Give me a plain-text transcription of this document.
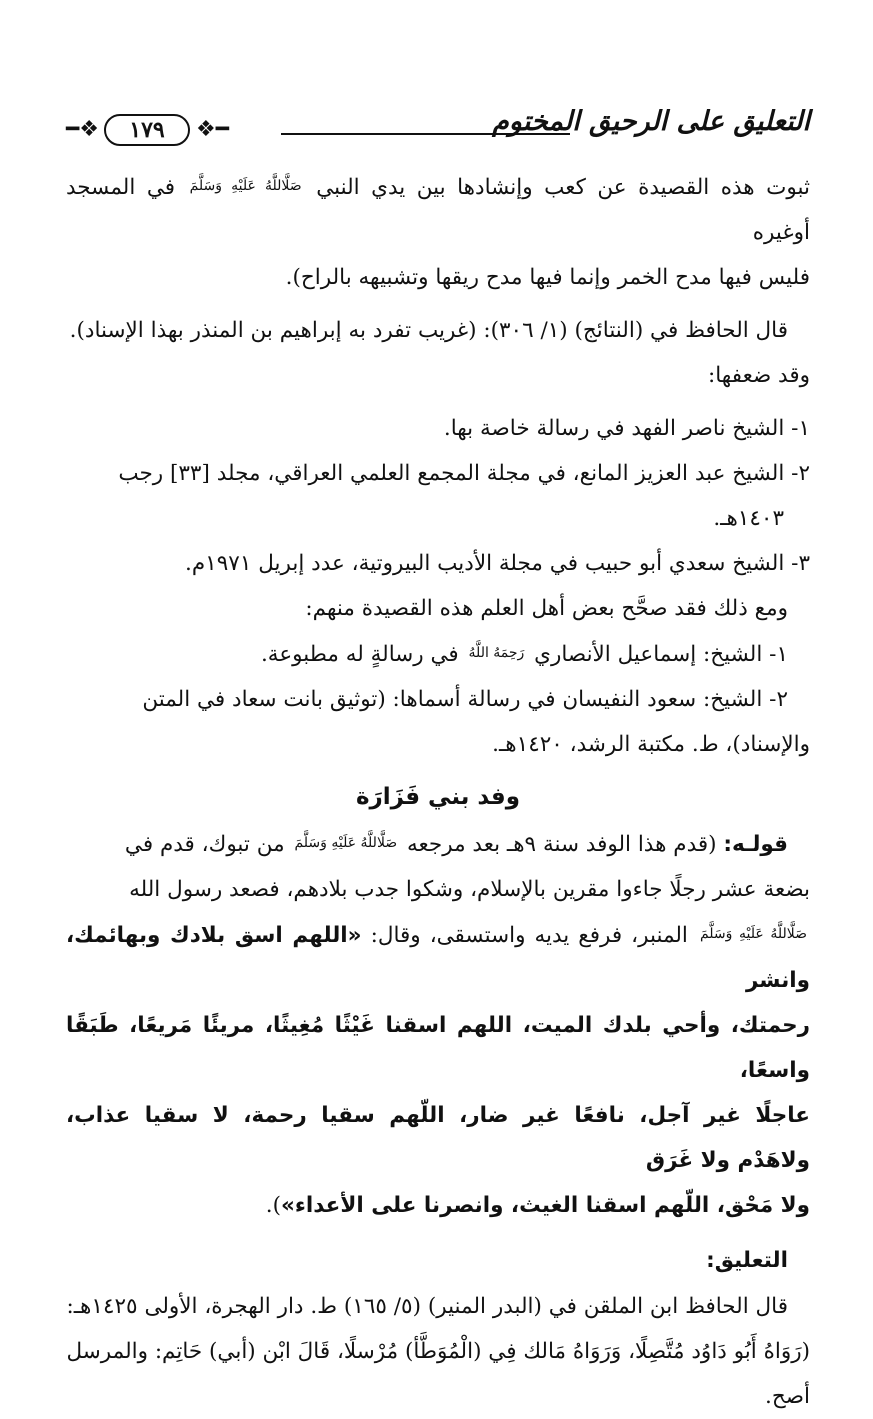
التعليق على الرحيق المختوم
❖━	١٧٩	━❖

ثبوت هذه القصيدة عن كعب وإنشادها بين يدي النبي صَلَّاللَّهُ عَلَيْهِ وَسَلَّمَ في المسجد أوغيره

فليس فيها مدح الخمر وإنما فيها مدح ريقها وتشبيهه بالراح).

قال الحافظ في (النتائج) (١/ ٣٠٦): (غريب تفرد به إبراهيم بن المنذر بهذا الإسناد).

وقد ضعفها:

١- الشيخ ناصر الفهد في رسالة خاصة بها.

٢- الشيخ عبد العزيز المانع، في مجلة المجمع العلمي العراقي، مجلد [٣٣] رجب

١٤٠٣هـ.

٣- الشيخ سعدي أبو حبيب في مجلة الأديب البيروتية، عدد إبريل ١٩٧١م.

ومع ذلك فقد صحَّح بعض أهل العلم هذه القصيدة منهم:

١- الشيخ: إسماعيل الأنصاري رَحِمَهُ اللَّهُ في رسالةٍ له مطبوعة.

٢- الشيخ: سعود النفيسان في رسالة أسماها: (توثيق بانت سعاد في المتن

والإسناد)، ط. مكتبة الرشد، ١٤٢٠هـ.

وفد بني فَزَارَة

قولـه: (قدم هذا الوفد سنة ٩هـ بعد مرجعه صَلَّاللَّهُ عَلَيْهِ وَسَلَّمَ من تبوك، قدم في

بضعة عشر رجلًا جاءوا مقرين بالإسلام، وشكوا جدب بلادهم، فصعد رسول الله

صَلَّاللَّهُ عَلَيْهِ وَسَلَّمَ المنبر، فرفع يديه واستسقى، وقال: «اللهم اسق بلادك وبهائمك، وانشر

رحمتك، وأحي بلدك الميت، اللهم اسقنا غَيْثًا مُغِيثًا، مريئًا مَريعًا، طَبَقًا واسعًا،

عاجلًا غير آجل، نافعًا غير ضار، اللّهم سقيا رحمة، لا سقيا عذاب، ولاهَدْم ولا غَرَق

ولا مَحْق، اللّهم اسقنا الغيث، وانصرنا على الأعداء»).

التعليق:

قال الحافظ ابن الملقن في (البدر المنير) (٥/ ١٦٥) ط. دار الهجرة، الأولى ١٤٢٥هـ:

(رَوَاهُ أَبُو دَاوُد مُتَّصِلًا، وَرَوَاهُ مَالك فِي (الْمُوَطَّأ) مُرْسلًا، قَالَ ابْن (أبي) حَاتِم: والمرسل

أصح.
